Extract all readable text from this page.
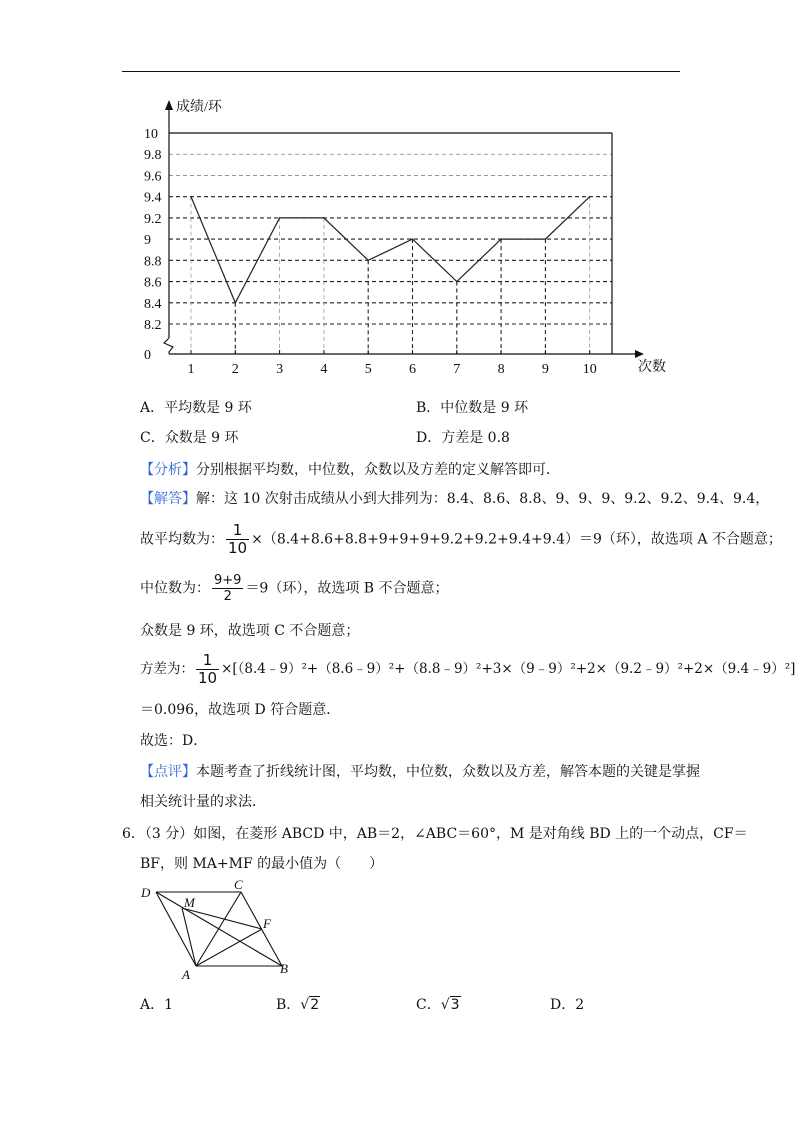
10
9.8
9.6
9.4
9.2
9
8.8
8.6
8.4
8.2
0
1	2	3	4	5	6	7	8	9 10
成绩/环
次数
A．平均数是 9 环	B．中位数是 9 环
C．众数是 9 环	D．方差是 0.8
【分析】分别根据平均数，中位数，众数以及方差的定义解答即可．
【解答】解：这 10 次射击成绩从小到大排列为：8.4、8.6、8.8、9、9、9、9.2、9.2、9.4、9.4，
故平均数为： $\frac{1}{10} \times(8.4+8.6+8.8+9+9+9+9.2+9.2+9.4+9.4)=9$（环），故选项 A 不合题意；
中位数为： $\frac{9+9}{2} =9$（环），故选项 B 不合题意；
众数是 9 环，故选项 C 不合题意；
方差为： $\frac{1}{10}$ ×[（8.4﹣9）²+（8.6﹣9）²+（8.8﹣9）²+3×（9﹣9）²+2×（9.2﹣9）²+2×（9.4﹣9）²]
＝0.096，故选项 D 符合题意．
故选：D．
【点评】本题考查了折线统计图，平均数，中位数，众数以及方差，解答本题的关键是掌握
相关统计量的求法．
6．（3 分）如图，在菱形 ABCD 中，AB＝2，∠ABC＝60°，M 是对角线 BD 上的一个动点，CF＝
BF，则 MA+MF 的最小值为（　　）
D
C
M
F
A	B
A．1	B．√2	C．√3	D．2
